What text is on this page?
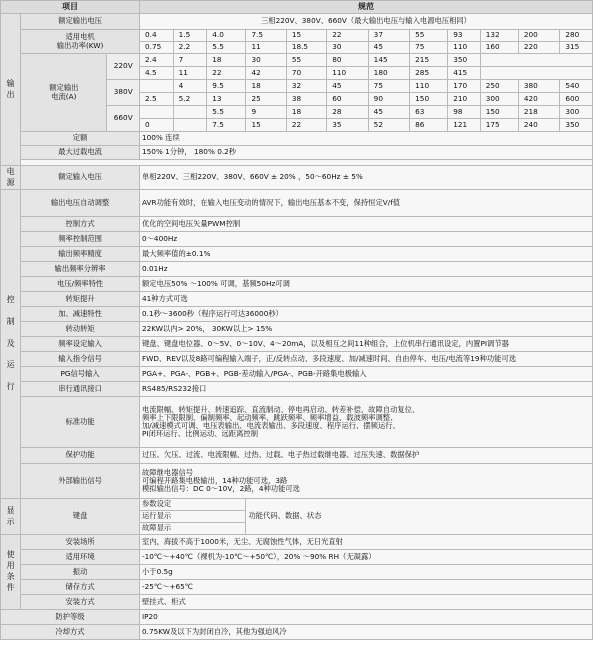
项目			规范											
输
出	额定输出电压		三相220V、380V、660V（最大输出电压与输入电源电压相同）											
	适用电机
输出功率(KW)		0.4	1.5	4.0	7.5	15	22	37	55	93	132	200	280
			0.75	2.2	5.5	11	18.5	30	45	75	110	160	220	315
	额定输出
电流(A)	220V	2.4	7	18	30	55	80	145	215	350			
			4.5	11	22	42	70	110	180	285	415			
		380V		4	9.5	18	32	45	75	110	170	250	380	540
			2.5	5.2	13	25	38	60	90	150	210	300	420	600
		660V			5.5	9	18	28	45	63	98	150	218	300
			0		7.5	15	22	35	52	86	121	175	240	350
	定额		100% 连续											
	最大过载电流		150% 1分钟， 180% 0.2秒											

电
源	额定输入电压		单相220V、三相220V、380V、660V ± 20% ，50～60Hz ± 5%											
控

制

及

运

行	输出电压自动调整		AVR功能有效时，在输入电压变动的情况下，输出电压基本不变，保持恒定V/f值											
	控制方式		优化的空间电压矢量PWM控制											
	频率控制范围		0～400Hz											
	输出频率精度		最大频率值的±0.1%											
	输出频率分辨率		0.01Hz											
	电压/频率特性		额定电压50% ～100% 可调，基频50Hz可调											
	转矩提升		41种方式可选											
	加、减速特性		0.1秒～3600秒（程序运行可达36000秒）											
	转动转矩		22KW以内> 20%， 30KW以上> 15%											
	频率设定输入		键盘、键盘电位器、0～5V、0～10V、4～20mA，以及相互之间11种组合，上位机串行通讯设定，内置PI调节器											
	输入指令信号		FWD、REV以及8路可编程输入端子，正/反转点动、多段速度、加/减速时间、自由停车、电压/电流等19种功能可选											
	PG信号输入		PGA+、PGA-、PGB+、PGB-差动输入/PGA-、PGB-开路集电极输入											
	串行通讯接口		RS485/RS232接口											
	标准功能		电流限幅、转矩提升、转速追踪、直流制动、停电再启动、转差补偿、故障自动复位、
频率上下限限制、偏制频率、起动频率、跳跃频率、频率增益、载波频率调整、
加/减速模式可调、电压表输出、电流表输出、多段速度、程序运行、摆频运行、
PI闭环运行、比例运动、远距离控制											
	保护功能		过压、欠压、过流、电流限幅、过热、过载、电子热过载继电器、过压失速、数据保护											
	外部输出信号		故障继电器信号
可编程开路集电极输出，14种功能可选，3路
模拟输出信号：DC 0～10V，2路，4种功能可选											
显
示	键盘		参数设定			功能代码、数据、状态								
			运行显示											
			故障显示											
使
用
条
件	安装场所		室内，海拔不高于1000米，无尘、无腐蚀性气体，无日光直射											
	适用环境		-10℃～+40℃（裸机为-10℃～+50℃），20% ～90% RH（无凝露）											
	振动		小于0.5g											
	储存方式		-25℃～+65℃											
	安装方式		壁挂式、柜式											
防护等级			IP20											
冷却方式			0.75KW及以下为封闭自冷，其他为强迫风冷											
